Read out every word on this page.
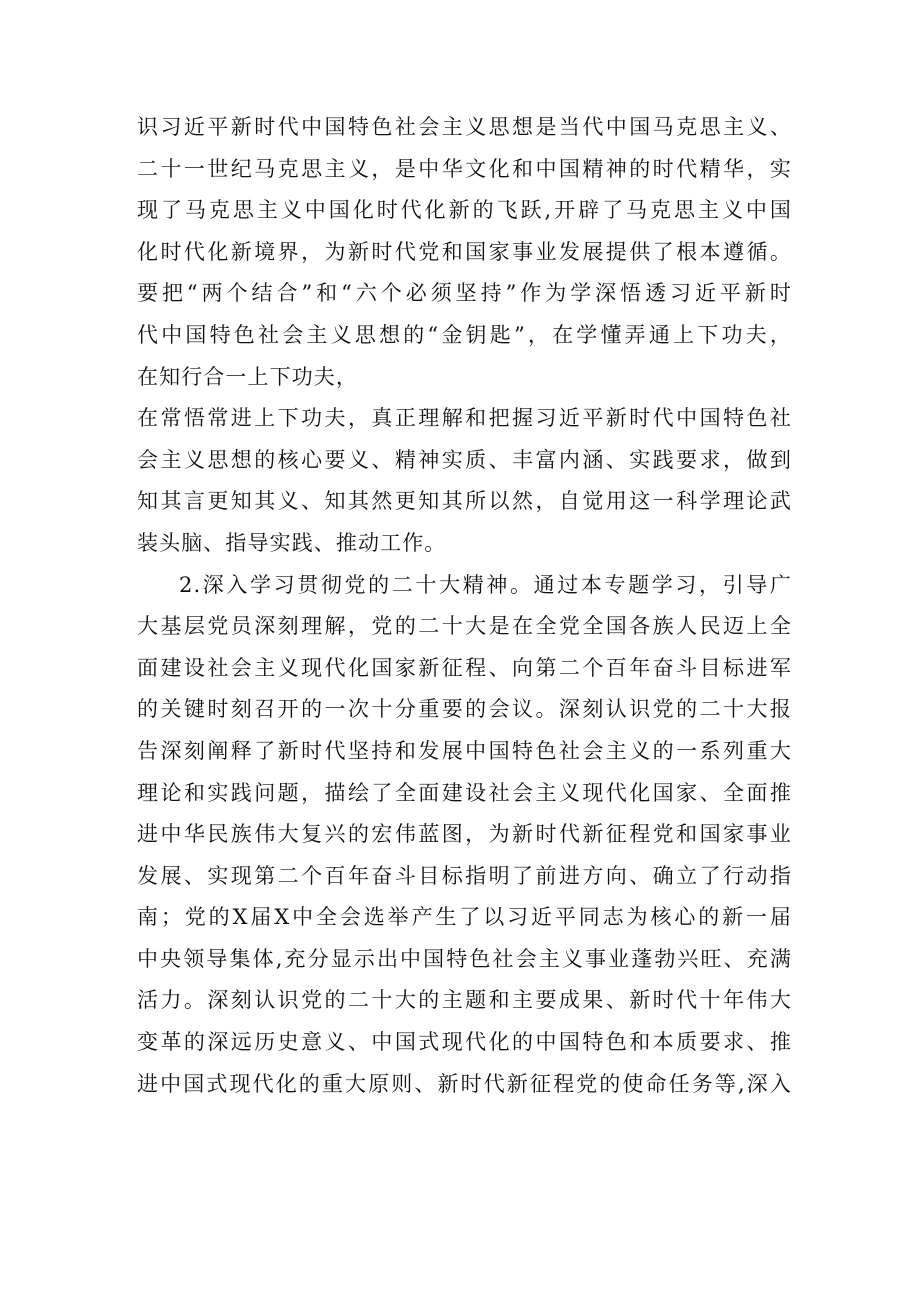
识习近平新时代中国特色社会主义思想是当代中国马克思主义、
二十一世纪马克思主义，是中华文化和中国精神的时代精华，实
现了马克思主义中国化时代化新的飞跃,开辟了马克思主义中国
化时代化新境界，为新时代党和国家事业发展提供了根本遵循。
要把“两个结合”和“六个必须坚持”作为学深悟透习近平新时
代中国特色社会主义思想的“金钥匙”，在学懂弄通上下功夫，
在知行合一上下功夫，
在常悟常进上下功夫，真正理解和把握习近平新时代中国特色社
会主义思想的核心要义、精神实质、丰富内涵、实践要求，做到
知其言更知其义、知其然更知其所以然，自觉用这一科学理论武
装头脑、指导实践、推动工作。
2.深入学习贯彻党的二十大精神。通过本专题学习，引导广
大基层党员深刻理解，党的二十大是在全党全国各族人民迈上全
面建设社会主义现代化国家新征程、向第二个百年奋斗目标进军
的关键时刻召开的一次十分重要的会议。深刻认识党的二十大报
告深刻阐释了新时代坚持和发展中国特色社会主义的一系列重大
理论和实践问题，描绘了全面建设社会主义现代化国家、全面推
进中华民族伟大复兴的宏伟蓝图，为新时代新征程党和国家事业
发展、实现第二个百年奋斗目标指明了前进方向、确立了行动指
南；党的X届X中全会选举产生了以习近平同志为核心的新一届
中央领导集体,充分显示出中国特色社会主义事业蓬勃兴旺、充满
活力。深刻认识党的二十大的主题和主要成果、新时代十年伟大
变革的深远历史意义、中国式现代化的中国特色和本质要求、推
进中国式现代化的重大原则、新时代新征程党的使命任务等,深入
